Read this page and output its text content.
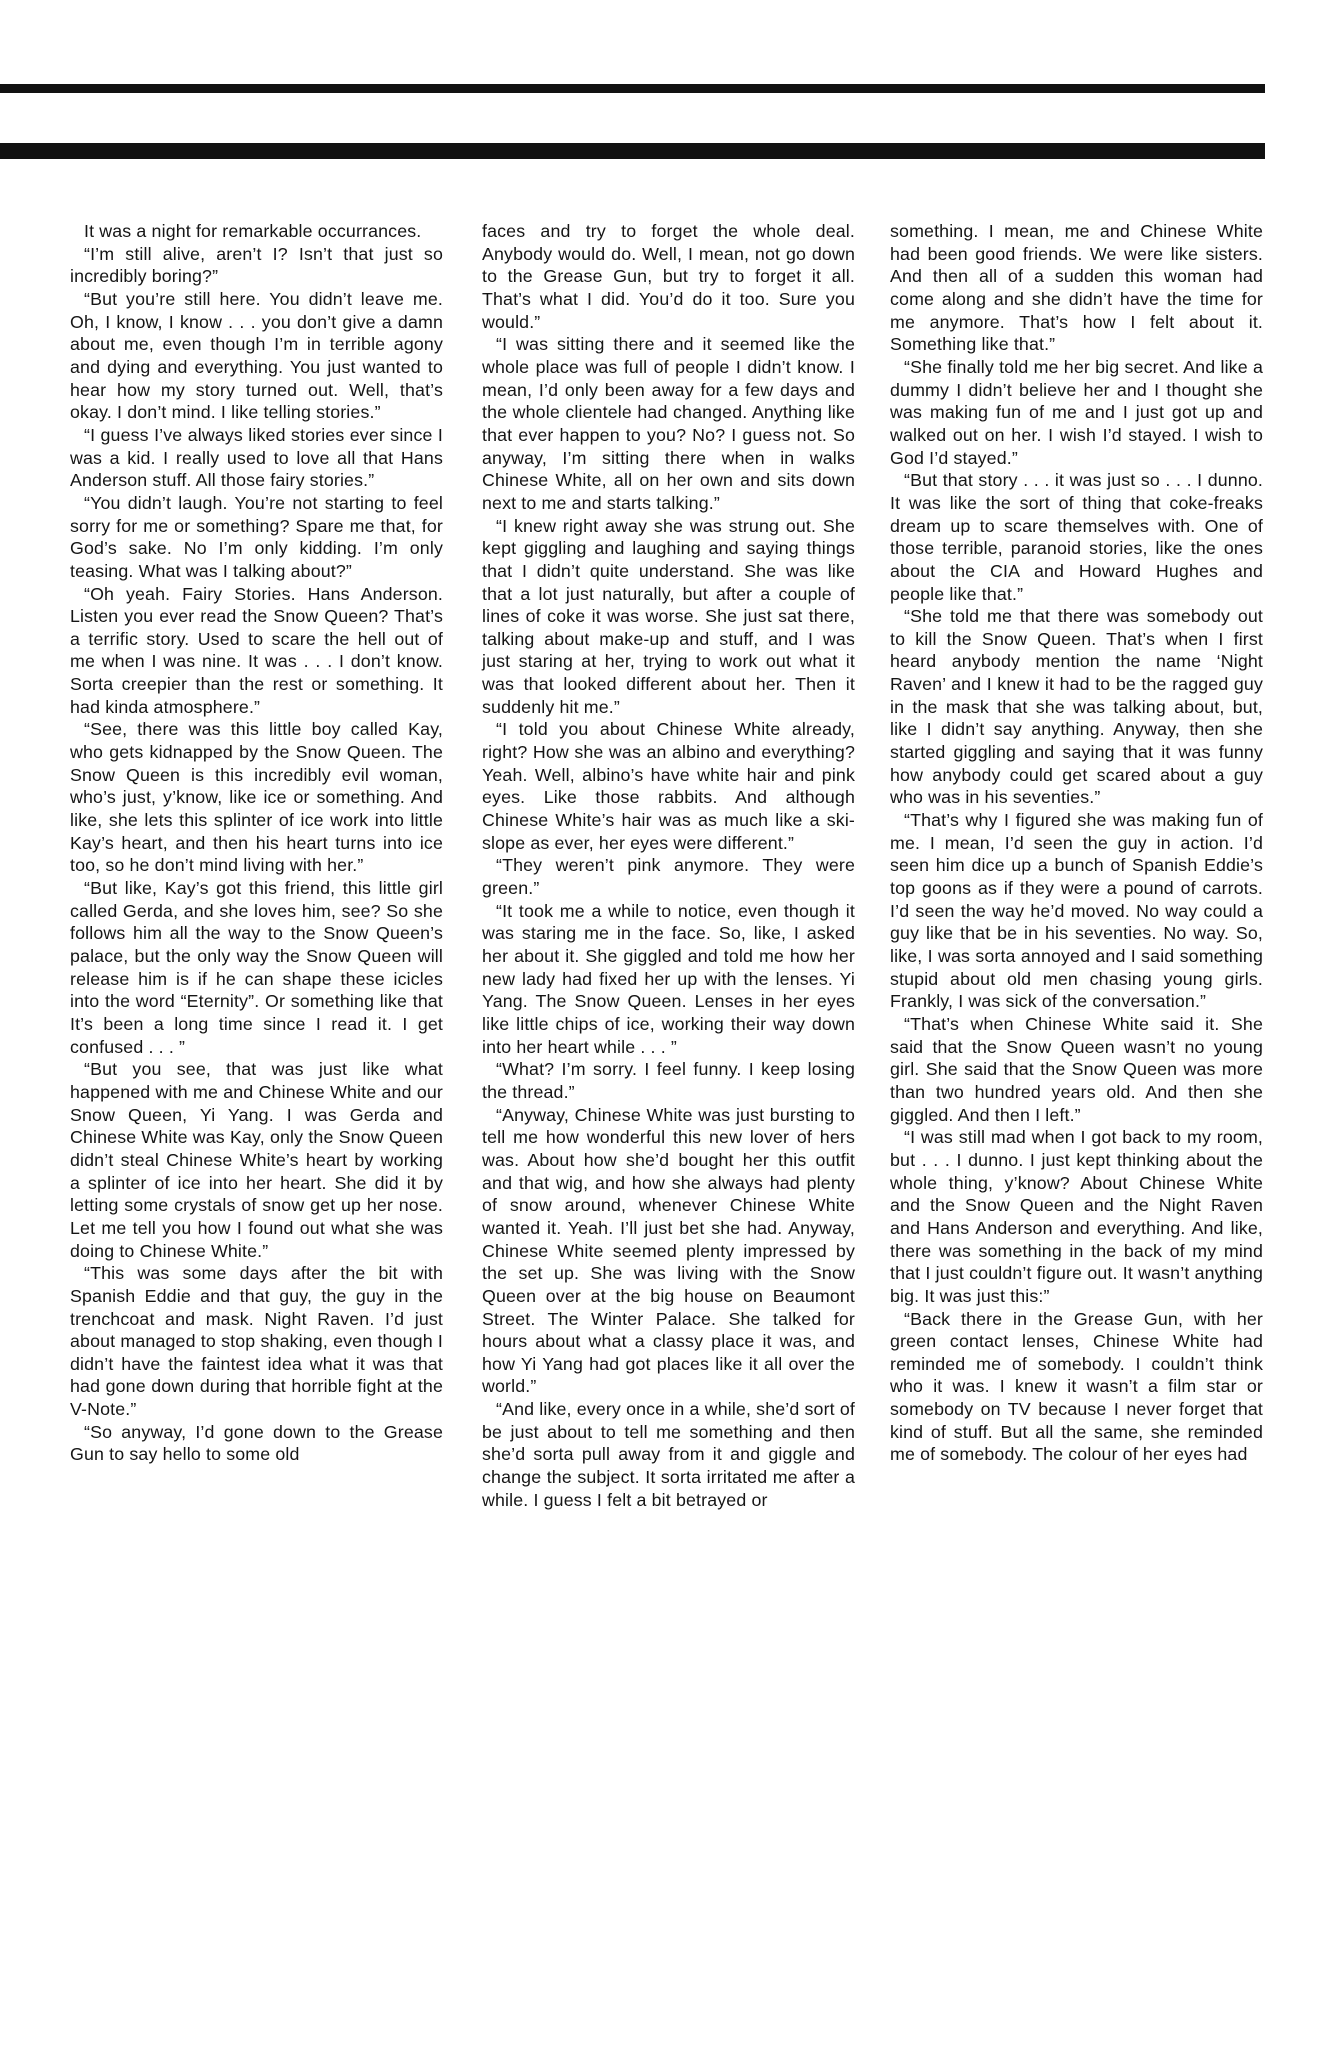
It was a night for remarkable occurrances.

“I’m still alive, aren’t I? Isn’t that just so incredibly boring?”

“But you’re still here. You didn’t leave me. Oh, I know, I know . . . you don’t give a damn about me, even though I’m in terrible agony and dying and everything. You just wanted to hear how my story turned out. Well, that’s okay. I don’t mind. I like telling stories.”

“I guess I’ve always liked stories ever since I was a kid. I really used to love all that Hans Anderson stuff. All those fairy stories.”

“You didn’t laugh. You’re not starting to feel sorry for me or something? Spare me that, for God’s sake. No I’m only kidding. I’m only teasing. What was I talking about?”

“Oh yeah. Fairy Stories. Hans Anderson. Listen you ever read the Snow Queen? That’s a terrific story. Used to scare the hell out of me when I was nine. It was . . . I don’t know. Sorta creepier than the rest or something. It had kinda atmosphere.”

“See, there was this little boy called Kay, who gets kidnapped by the Snow Queen. The Snow Queen is this incredibly evil woman, who’s just, y’know, like ice or something. And like, she lets this splinter of ice work into little Kay’s heart, and then his heart turns into ice too, so he don’t mind living with her.”

“But like, Kay’s got this friend, this little girl called Gerda, and she loves him, see? So she follows him all the way to the Snow Queen’s palace, but the only way the Snow Queen will release him is if he can shape these icicles into the word “Eternity”. Or something like that It’s been a long time since I read it. I get confused . . . ”

“But you see, that was just like what happened with me and Chinese White and our Snow Queen, Yi Yang. I was Gerda and Chinese White was Kay, only the Snow Queen didn’t steal Chinese White’s heart by working a splinter of ice into her heart. She did it by letting some crystals of snow get up her nose. Let me tell you how I found out what she was doing to Chinese White.”

“This was some days after the bit with Spanish Eddie and that guy, the guy in the trenchcoat and mask. Night Raven. I’d just about managed to stop shaking, even though I didn’t have the faintest idea what it was that had gone down during that horrible fight at the V-Note.”

“So anyway, I’d gone down to the Grease Gun to say hello to some old

faces and try to forget the whole deal. Anybody would do. Well, I mean, not go down to the Grease Gun, but try to forget it all. That’s what I did. You’d do it too. Sure you would.”

“I was sitting there and it seemed like the whole place was full of people I didn’t know. I mean, I’d only been away for a few days and the whole clientele had changed. Anything like that ever happen to you? No? I guess not. So anyway, I’m sitting there when in walks Chinese White, all on her own and sits down next to me and starts talking.”

“I knew right away she was strung out. She kept giggling and laughing and saying things that I didn’t quite understand. She was like that a lot just naturally, but after a couple of lines of coke it was worse. She just sat there, talking about make-up and stuff, and I was just staring at her, trying to work out what it was that looked different about her. Then it suddenly hit me.”

“I told you about Chinese White already, right? How she was an albino and everything? Yeah. Well, albino’s have white hair and pink eyes. Like those rabbits. And although Chinese White’s hair was as much like a ski-slope as ever, her eyes were different.”

“They weren’t pink anymore. They were green.”

“It took me a while to notice, even though it was staring me in the face. So, like, I asked her about it. She giggled and told me how her new lady had fixed her up with the lenses. Yi Yang. The Snow Queen. Lenses in her eyes like little chips of ice, working their way down into her heart while . . . ”

“What? I’m sorry. I feel funny. I keep losing the thread.”

“Anyway, Chinese White was just bursting to tell me how wonderful this new lover of hers was. About how she’d bought her this outfit and that wig, and how she always had plenty of snow around, whenever Chinese White wanted it. Yeah. I’ll just bet she had. Anyway, Chinese White seemed plenty impressed by the set up. She was living with the Snow Queen over at the big house on Beaumont Street. The Winter Palace. She talked for hours about what a classy place it was, and how Yi Yang had got places like it all over the world.”

“And like, every once in a while, she’d sort of be just about to tell me something and then she’d sorta pull away from it and giggle and change the subject. It sorta irritated me after a while. I guess I felt a bit betrayed or

something. I mean, me and Chinese White had been good friends. We were like sisters. And then all of a sudden this woman had come along and she didn’t have the time for me anymore. That’s how I felt about it. Something like that.”

“She finally told me her big secret. And like a dummy I didn’t believe her and I thought she was making fun of me and I just got up and walked out on her. I wish I’d stayed. I wish to God I’d stayed.”

“But that story . . . it was just so . . . I dunno. It was like the sort of thing that coke-freaks dream up to scare themselves with. One of those terrible, paranoid stories, like the ones about the CIA and Howard Hughes and people like that.”

“She told me that there was somebody out to kill the Snow Queen. That’s when I first heard anybody mention the name ‘Night Raven’ and I knew it had to be the ragged guy in the mask that she was talking about, but, like I didn’t say anything. Anyway, then she started giggling and saying that it was funny how anybody could get scared about a guy who was in his seventies.”

“That’s why I figured she was making fun of me. I mean, I’d seen the guy in action. I’d seen him dice up a bunch of Spanish Eddie’s top goons as if they were a pound of carrots. I’d seen the way he’d moved. No way could a guy like that be in his seventies. No way. So, like, I was sorta annoyed and I said something stupid about old men chasing young girls. Frankly, I was sick of the conversation.”

“That’s when Chinese White said it. She said that the Snow Queen wasn’t no young girl. She said that the Snow Queen was more than two hundred years old. And then she giggled. And then I left.”

“I was still mad when I got back to my room, but . . . I dunno. I just kept thinking about the whole thing, y’know? About Chinese White and the Snow Queen and the Night Raven and Hans Anderson and everything. And like, there was something in the back of my mind that I just couldn’t figure out. It wasn’t anything big. It was just this:”

“Back there in the Grease Gun, with her green contact lenses, Chinese White had reminded me of somebody. I couldn’t think who it was. I knew it wasn’t a film star or somebody on TV because I never forget that kind of stuff. But all the same, she reminded me of somebody. The colour of her eyes had
